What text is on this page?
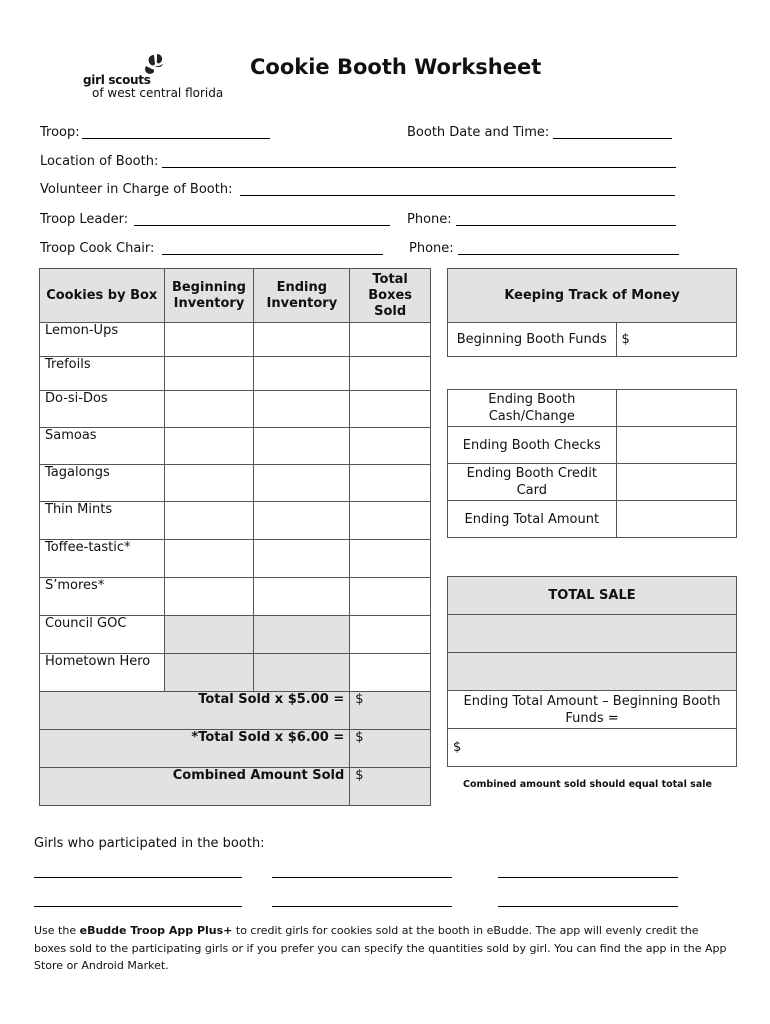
girl scouts
of west central florida
Cookie Booth Worksheet
Troop:	Booth Date and Time:
Location of Booth:
Volunteer in Charge of Booth:
Troop Leader:	Phone:
Troop Cook Chair:	Phone:
Cookies by Box	Beginning Inventory	Ending Inventory	Total Boxes Sold
Lemon-Ups			
Trefoils			
Do-si-Dos			
Samoas			
Tagalongs			
Thin Mints			
Toffee-tastic*			
S’mores*			
Council GOC			
Hometown Hero			
Total Sold x $5.00 =			$
*Total Sold x $6.00 =			$
Combined Amount Sold			$
Keeping Track of Money
Beginning Booth Funds	$
Ending Booth Cash/Change	
Ending Booth Checks	
Ending Booth Credit Card	
Ending Total Amount	
TOTAL SALE

Ending Total Amount – Beginning Booth Funds =
$
Combined amount sold should equal total sale
Girls who participated in the booth:
Use the eBudde Troop App Plus+ to credit girls for cookies sold at the booth in eBudde. The app will evenly credit the boxes sold to the participating girls or if you prefer you can specify the quantities sold by girl. You can find the app in the App Store or Android Market.
